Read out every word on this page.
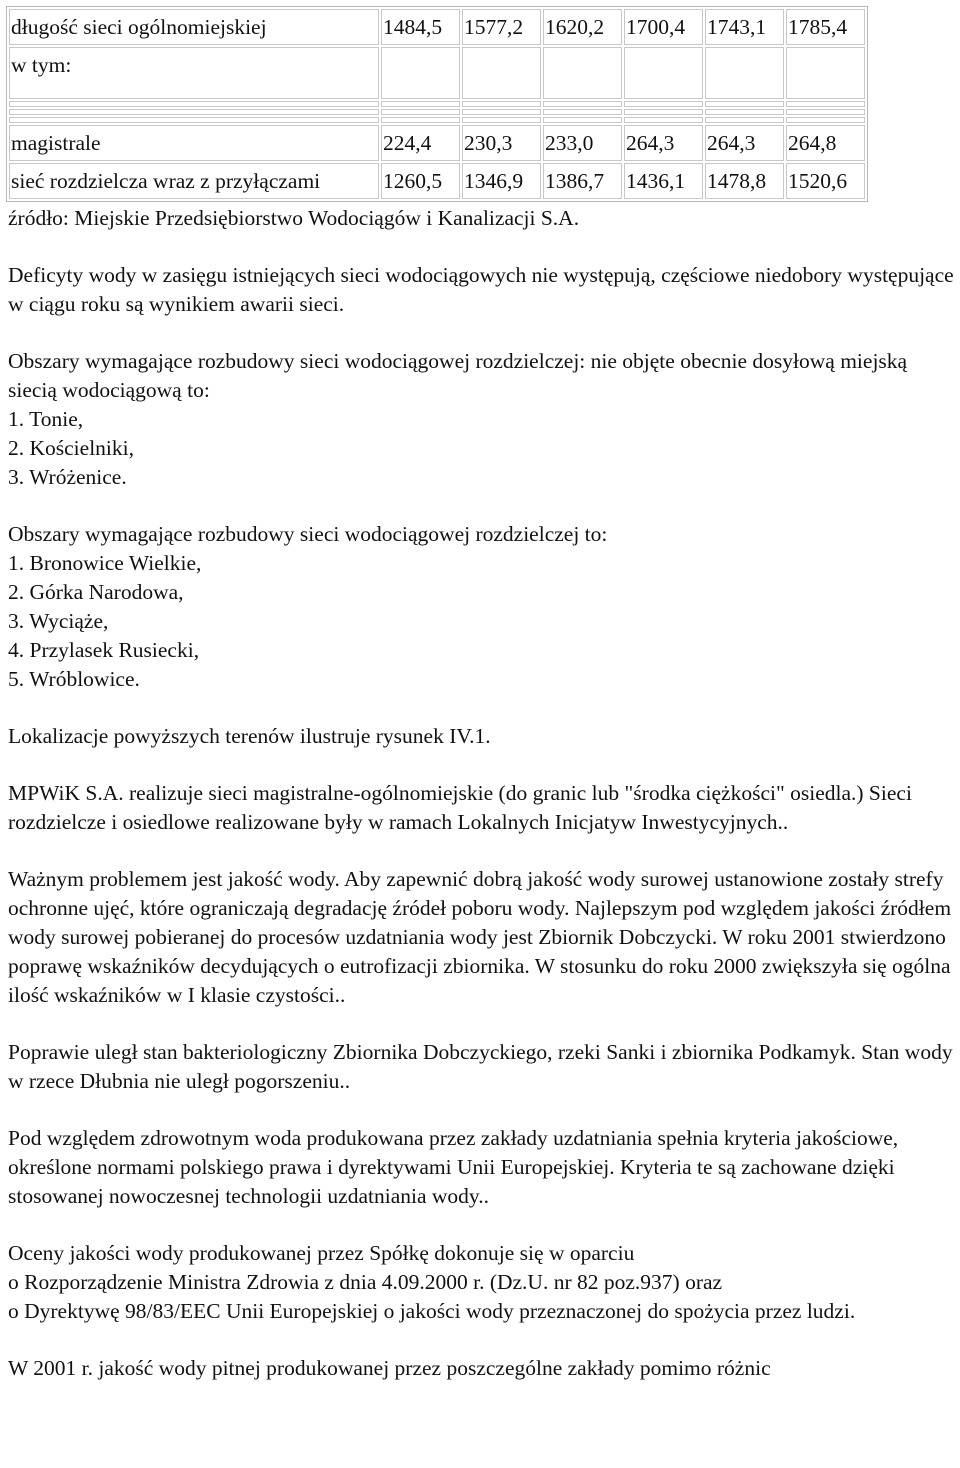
długość sieci ogólnomiejskiej	1484,5	1577,2	1620,2	1700,4	1743,1	1785,4
w tym:						

magistrale	224,4	230,3	233,0	264,3	264,3	264,8
sieć rozdzielcza wraz z przyłączami	1260,5	1346,9	1386,7	1436,1	1478,8	1520,6

źródło: Miejskie Przedsiębiorstwo Wodociągów i Kanalizacji S.A.

Deficyty wody w zasięgu istniejących sieci wodociągowych nie występują, częściowe niedobory występujące w ciągu roku są wynikiem awarii sieci.

Obszary wymagające rozbudowy sieci wodociągowej rozdzielczej: nie objęte obecnie dosyłową miejską siecią wodociągową to:

1. Tonie,

2. Kościelniki,

3. Wróżenice.

Obszary wymagające rozbudowy sieci wodociągowej rozdzielczej to:

1. Bronowice Wielkie,

2. Górka Narodowa,

3. Wyciąże,

4. Przylasek Rusiecki,

5. Wróblowice.

Lokalizacje powyższych terenów ilustruje rysunek IV.1.

MPWiK S.A. realizuje sieci magistralne-ogólnomiejskie (do granic lub "środka ciężkości" osiedla.) Sieci rozdzielcze i osiedlowe realizowane były w ramach Lokalnych Inicjatyw Inwestycyjnych..

Ważnym problemem jest jakość wody. Aby zapewnić dobrą jakość wody surowej ustanowione zostały strefy ochronne ujęć, które ograniczają degradację źródeł poboru wody. Najlepszym pod względem jakości źródłem wody surowej pobieranej do procesów uzdatniania wody jest Zbiornik Dobczycki. W roku 2001 stwierdzono poprawę wskaźników decydujących o eutrofizacji zbiornika. W stosunku do roku 2000 zwiększyła się ogólna ilość wskaźników w I klasie czystości..

Poprawie uległ stan bakteriologiczny Zbiornika Dobczyckiego, rzeki Sanki i zbiornika Podkamyk. Stan wody w rzece Dłubnia nie uległ pogorszeniu..

Pod względem zdrowotnym woda produkowana przez zakłady uzdatniania spełnia kryteria jakościowe, określone normami polskiego prawa i dyrektywami Unii Europejskiej. Kryteria te są zachowane dzięki stosowanej nowoczesnej technologii uzdatniania wody..

Oceny jakości wody produkowanej przez Spółkę dokonuje się w oparciu

o Rozporządzenie Ministra Zdrowia z dnia 4.09.2000 r. (Dz.U. nr 82 poz.937) oraz

o Dyrektywę 98/83/EEC Unii Europejskiej o jakości wody przeznaczonej do spożycia przez ludzi.

W 2001 r. jakość wody pitnej produkowanej przez poszczególne zakłady pomimo różnic
